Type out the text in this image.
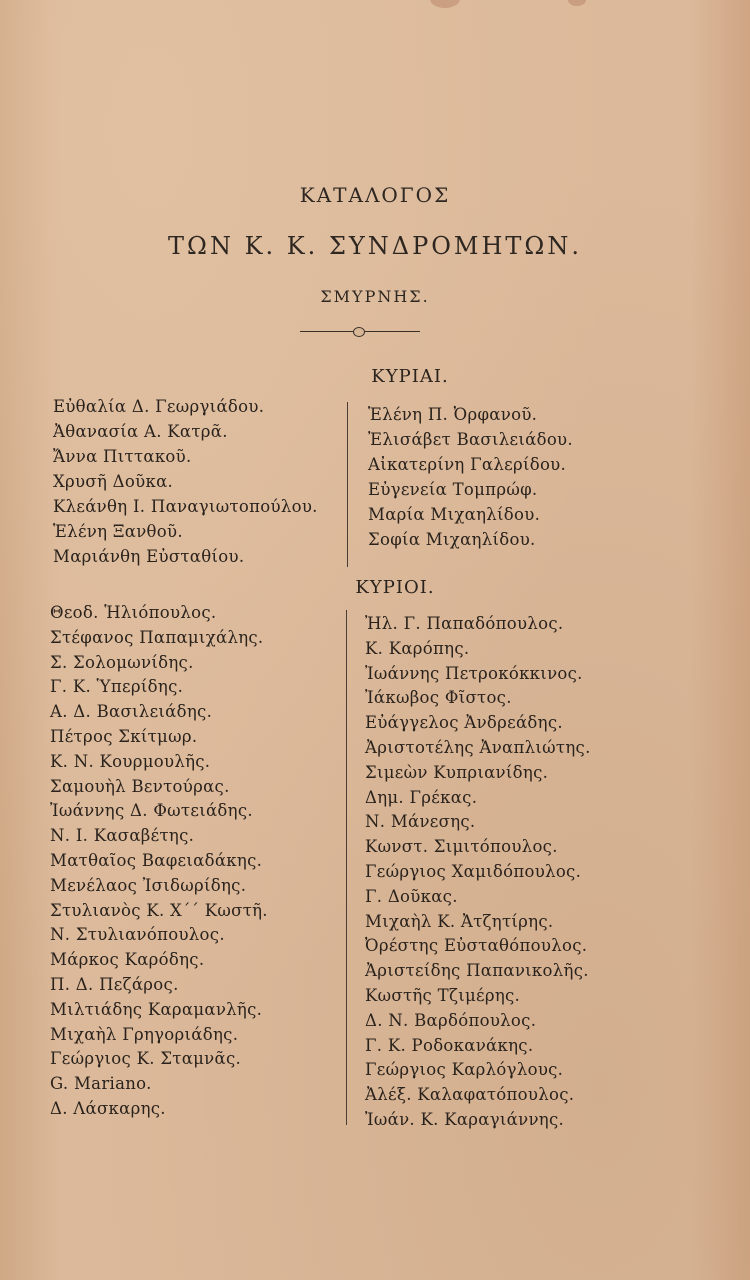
ΚΑΤΑΛΟΓΟΣ
ΤΩΝ Κ. Κ. ΣΥΝΔΡΟΜΗΤΩΝ.
ΣΜΥΡΝΗΣ.
ΚΥΡΙΑΙ.
Εὐθαλία Δ. Γεωργιάδου.
Ἀθανασία Α. Κατρᾶ.
Ἄννα Πιττακοῦ.
Χρυσῆ Δοῦκα.
Κλεάνθη Ι. Παναγιωτοπούλου.
Ἑλένη Ξανθοῦ.
Μαριάνθη Εὐσταθίου.
Ἑλένη Π. Ὀρφανοῦ.
Ἐλισάβετ Βασιλειάδου.
Αἰκατερίνη Γαλερίδου.
Εὐγενεία Τομπρώφ.
Μαρία Μιχαηλίδου.
Σοφία Μιχαηλίδου.
ΚΥΡΙΟΙ.
Θεοδ. Ἡλιόπουλος.
Στέφανος Παπαμιχάλης.
Σ. Σολομωνίδης.
Γ. Κ. Ὑπερίδης.
Α. Δ. Βασιλειάδης.
Πέτρος Σκίτμωρ.
Κ. Ν. Κουρμουλῆς.
Σαμουὴλ Βεντούρας.
Ἰωάννης Δ. Φωτειάδης.
Ν. Ι. Κασαβέτης.
Ματθαῖος Βαφειαδάκης.
Μενέλαος Ἰσιδωρίδης.
Στυλιανὸς Κ. Χ΄΄ Κωστῆ.
Ν. Στυλιανόπουλος.
Μάρκος Καρόδης.
Π. Δ. Πεζάρος.
Μιλτιάδης Καραμανλῆς.
Μιχαὴλ Γρηγοριάδης.
Γεώργιος Κ. Σταμνᾶς.
G. Mariano.
Δ. Λάσκαρης.
Ἠλ. Γ. Παπαδόπουλος.
Κ. Καρόπης.
Ἰωάννης Πετροκόκκινος.
Ἰάκωβος Φῖστος.
Εὐάγγελος Ἀνδρεάδης.
Ἀριστοτέλης Ἀναπλιώτης.
Σιμεὼν Κυπριανίδης.
Δημ. Γρέκας.
Ν. Μάνεσης.
Κωνστ. Σιμιτόπουλος.
Γεώργιος Χαμιδόπουλος.
Γ. Δοῦκας.
Μιχαὴλ Κ. Ἀτζητίρης.
Ὀρέστης Εὐσταθόπουλος.
Ἀριστείδης Παπανικολῆς.
Κωστῆς Τζιμέρης.
Δ. Ν. Βαρδόπουλος.
Γ. Κ. Ροδοκανάκης.
Γεώργιος Καρλόγλους.
Ἀλέξ. Καλαφατόπουλος.
Ἰωάν. Κ. Καραγιάννης.
